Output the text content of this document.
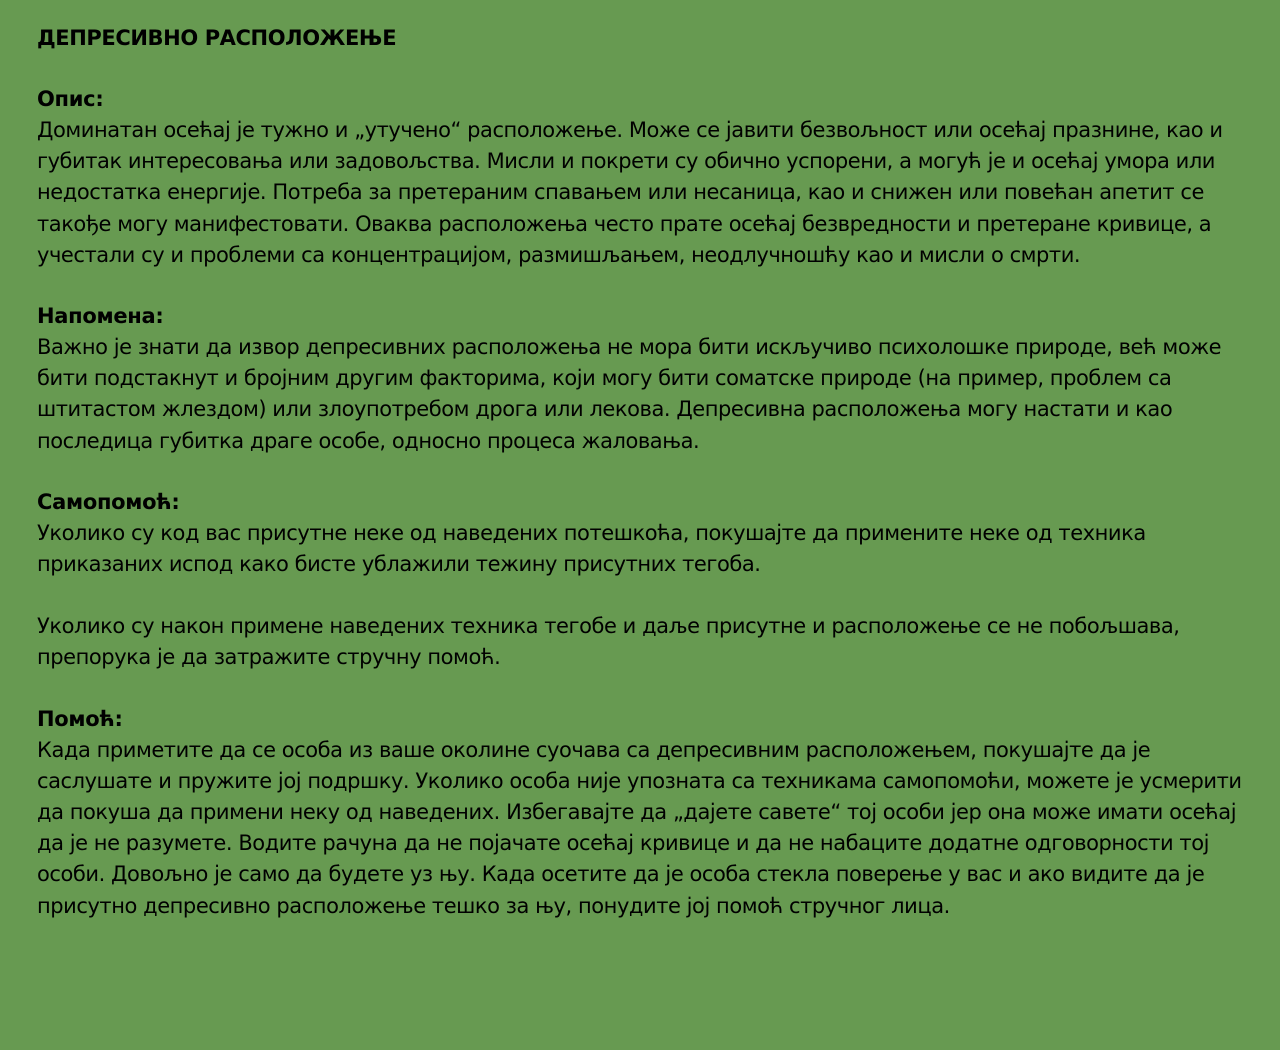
ДЕПРЕСИВНО РАСПОЛОЖЕЊЕ
Опис:

Доминатан осећај је тужно и „утучено“ расположење. Може се јавити безвољност или осећај празнине, као и губитак интересовања или задовољства. Мисли и покрети су обично успорени, а могућ је и осећај умора или недостатка енергије. Потреба за претераним спавањем или несаница, као и снижен или повећан апетит се такође могу манифестовати. Оваква расположења често прате осећај безвредности и претеране кривице, а учестали су и проблеми са концентрацијом, размишљањем, неодлучношћу као и мисли о смрти.

Напомена:

Важно је знати да извор депресивних расположења не мора бити искључиво психолошке природе, већ може бити подстакнут и бројним другим факторима, који могу бити соматске природе (на пример, проблем са штитастом жлездом) или злоупотребом дрога или лекова. Депресивна расположења могу настати и као последица губитка драге особе, односно процеса жаловања.

Самопомоћ:

Уколико су код вас присутне неке од наведених потешкоћа, покушајте да примените неке од техника приказаних испод како бисте ублажили тежину присутних тегоба.

Уколико су након примене наведених техника тегобе и даље присутне и расположење се не побољшава, препорука је да затражите стручну помоћ.

Помоћ:

Када приметите да се особа из ваше околине суочава са депресивним расположењем, покушајте да је саслушате и пружите јој подршку. Уколико особа није упозната са техникама самопомоћи, можете је усмерити да покуша да примени неку од наведених. Избегавајте да „дајете савете“ тој особи јер она може имати осећај да је не разумете. Водите рачуна да не појачате осећај кривице и да не набаците додатне одговорности тој особи. Довољно је само да будете уз њу. Када осетите да је особа стекла поверење у вас и ако видите да је присутно депресивно расположење тешко за њу, понудите јој помоћ стручног лица.
